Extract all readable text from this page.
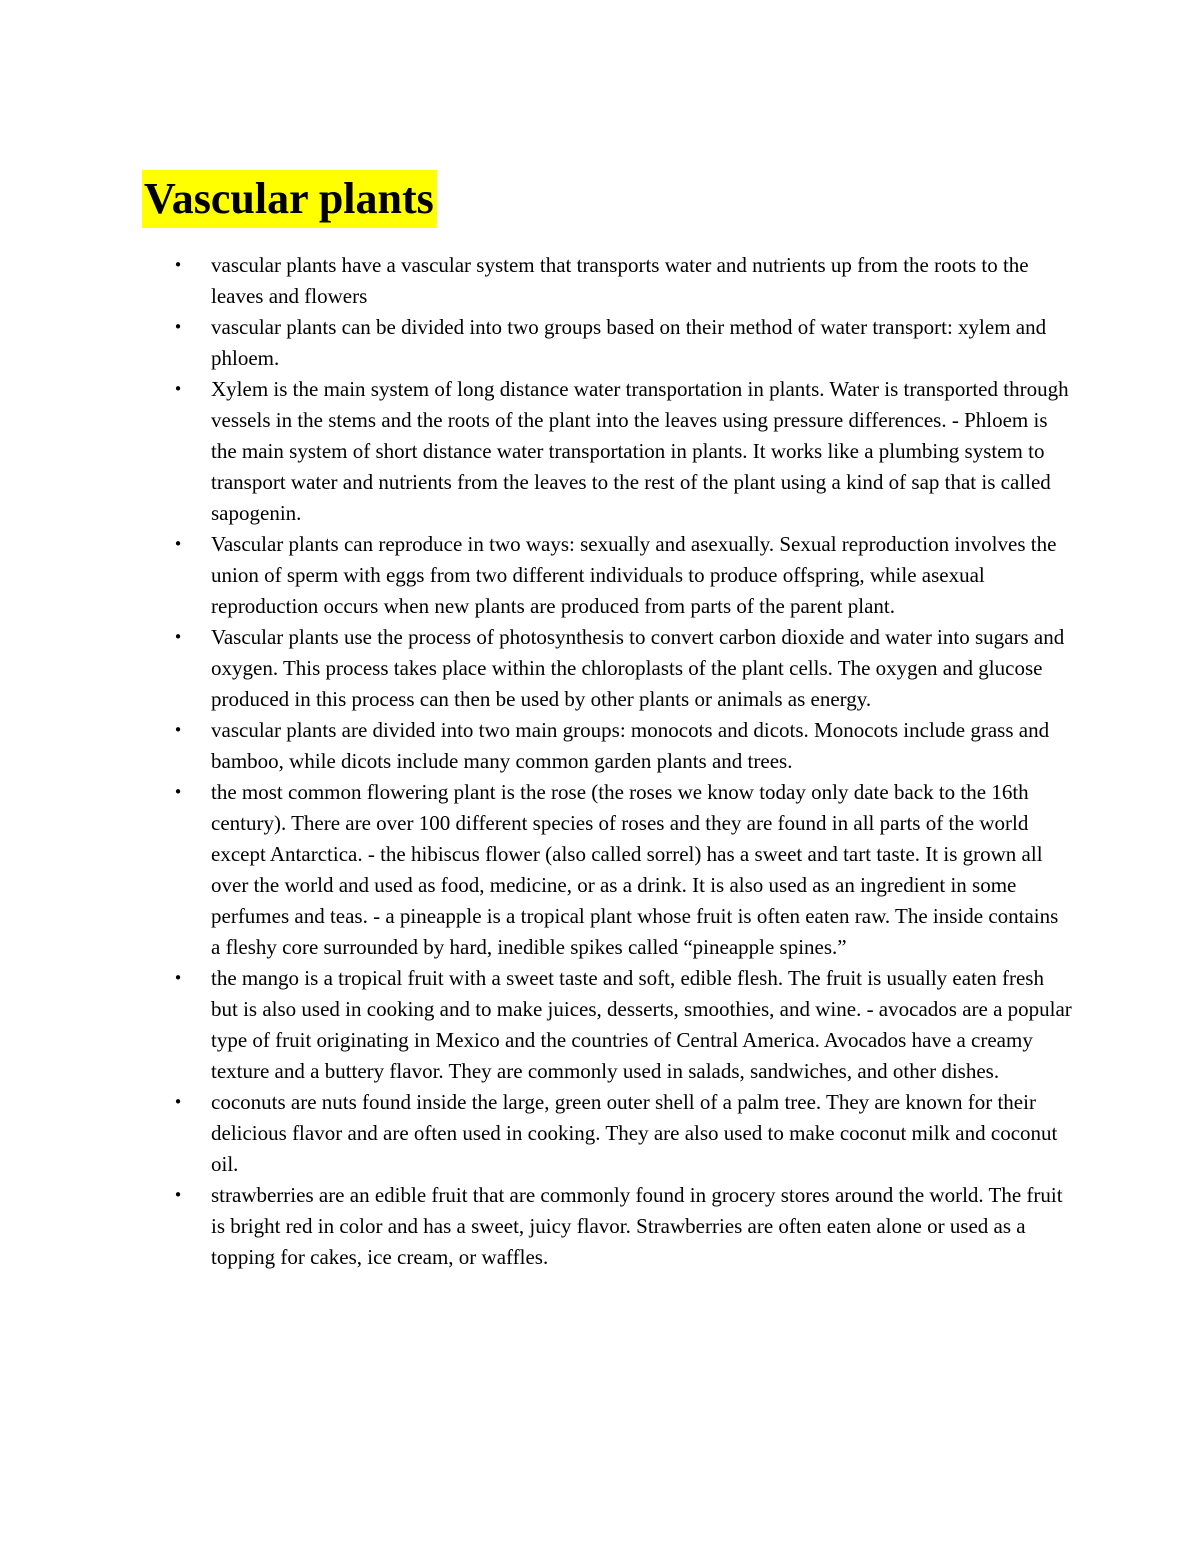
Vascular plants
• vascular plants have a vascular system that transports water and nutrients up from the roots to the leaves and flowers
• vascular plants can be divided into two groups based on their method of water transport: xylem and phloem.
• Xylem is the main system of long distance water transportation in plants. Water is transported through vessels in the stems and the roots of the plant into the leaves using pressure differences. - Phloem is the main system of short distance water transportation in plants. It works like a plumbing system to transport water and nutrients from the leaves to the rest of the plant using a kind of sap that is called sapogenin.
• Vascular plants can reproduce in two ways: sexually and asexually. Sexual reproduction involves the union of sperm with eggs from two different individuals to produce offspring, while asexual reproduction occurs when new plants are produced from parts of the parent plant.
• Vascular plants use the process of photosynthesis to convert carbon dioxide and water into sugars and oxygen. This process takes place within the chloroplasts of the plant cells. The oxygen and glucose produced in this process can then be used by other plants or animals as energy.
• vascular plants are divided into two main groups: monocots and dicots. Monocots include grass and bamboo, while dicots include many common garden plants and trees.
• the most common flowering plant is the rose (the roses we know today only date back to the 16th century). There are over 100 different species of roses and they are found in all parts of the world except Antarctica. - the hibiscus flower (also called sorrel) has a sweet and tart taste. It is grown all over the world and used as food, medicine, or as a drink. It is also used as an ingredient in some perfumes and teas. - a pineapple is a tropical plant whose fruit is often eaten raw. The inside contains a fleshy core surrounded by hard, inedible spikes called “pineapple spines.”
• the mango is a tropical fruit with a sweet taste and soft, edible flesh. The fruit is usually eaten fresh but is also used in cooking and to make juices, desserts, smoothies, and wine. - avocados are a popular type of fruit originating in Mexico and the countries of Central America. Avocados have a creamy texture and a buttery flavor. They are commonly used in salads, sandwiches, and other dishes.
• coconuts are nuts found inside the large, green outer shell of a palm tree. They are known for their delicious flavor and are often used in cooking. They are also used to make coconut milk and coconut oil.
• strawberries are an edible fruit that are commonly found in grocery stores around the world. The fruit is bright red in color and has a sweet, juicy flavor. Strawberries are often eaten alone or used as a topping for cakes, ice cream, or waffles.
